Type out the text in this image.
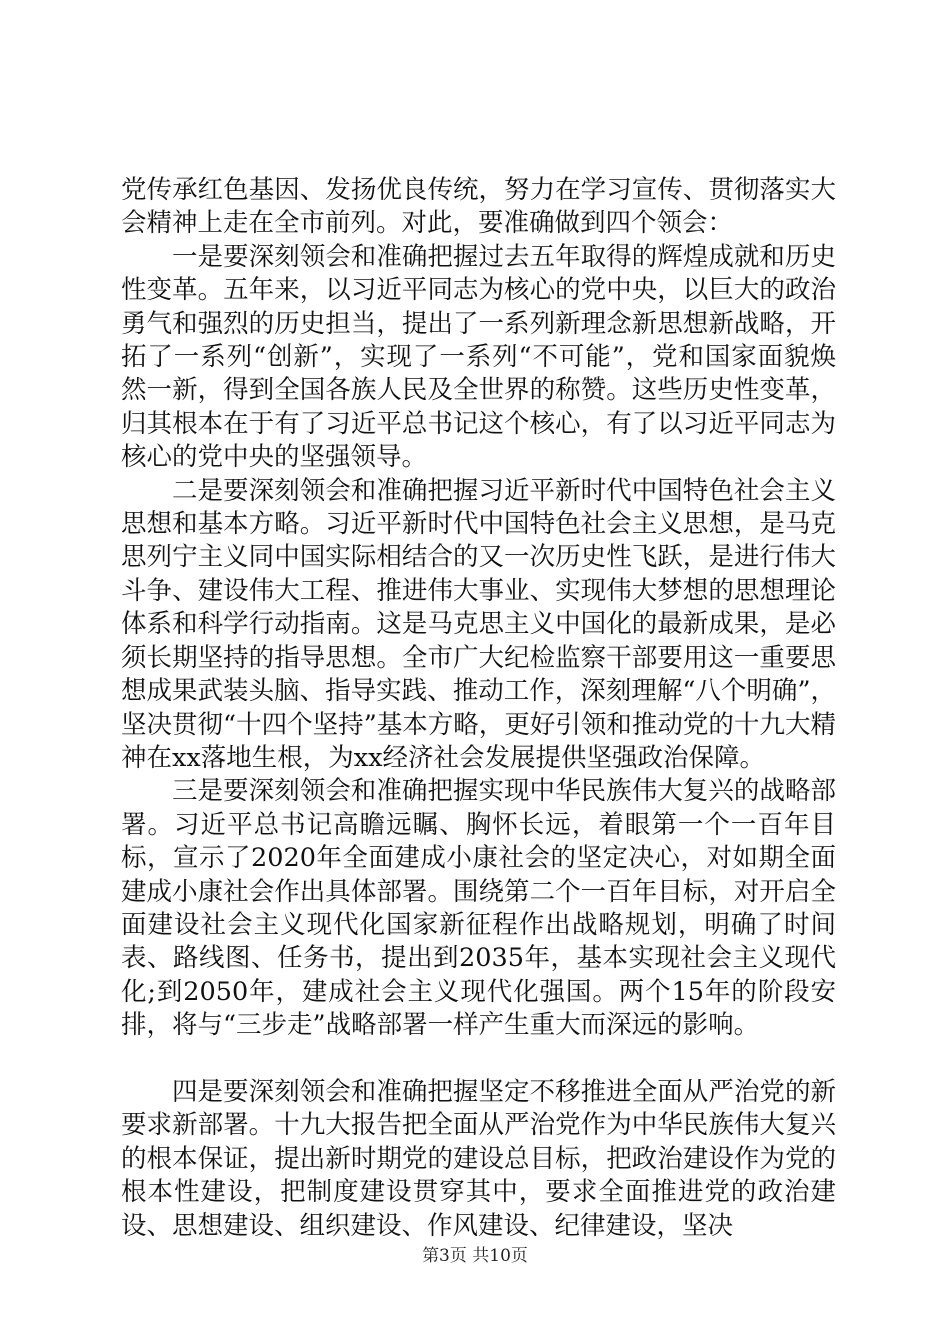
党传承红色基因、发扬优良传统，努力在学习宣传、贯彻落实大会精神上走在全市前列。对此，要准确做到四个领会：

一是要深刻领会和准确把握过去五年取得的辉煌成就和历史性变革。五年来，以习近平同志为核心的党中央，以巨大的政治勇气和强烈的历史担当，提出了一系列新理念新思想新战略，开拓了一系列“创新”，实现了一系列“不可能”，党和国家面貌焕然一新，得到全国各族人民及全世界的称赞。这些历史性变革，归其根本在于有了习近平总书记这个核心，有了以习近平同志为核心的党中央的坚强领导。

二是要深刻领会和准确把握习近平新时代中国特色社会主义思想和基本方略。习近平新时代中国特色社会主义思想，是马克思列宁主义同中国实际相结合的又一次历史性飞跃，是进行伟大斗争、建设伟大工程、推进伟大事业、实现伟大梦想的思想理论体系和科学行动指南。这是马克思主义中国化的最新成果，是必须长期坚持的指导思想。全市广大纪检监察干部要用这一重要思想成果武装头脑、指导实践、推动工作，深刻理解“八个明确”，坚决贯彻“十四个坚持”基本方略，更好引领和推动党的十九大精神在xx落地生根，为xx经济社会发展提供坚强政治保障。

三是要深刻领会和准确把握实现中华民族伟大复兴的战略部署。习近平总书记高瞻远瞩、胸怀长远，着眼第一个一百年目标，宣示了2020年全面建成小康社会的坚定决心，对如期全面建成小康社会作出具体部署。围绕第二个一百年目标，对开启全面建设社会主义现代化国家新征程作出战略规划，明确了时间表、路线图、任务书，提出到2035年，基本实现社会主义现代化;到2050年，建成社会主义现代化强国。两个15年的阶段安排，将与“三步走”战略部署一样产生重大而深远的影响。

四是要深刻领会和准确把握坚定不移推进全面从严治党的新要求新部署。十九大报告把全面从严治党作为中华民族伟大复兴的根本保证，提出新时期党的建设总目标，把政治建设作为党的根本性建设，把制度建设贯穿其中，要求全面推进党的政治建设、思想建设、组织建设、作风建设、纪律建设，坚决

第3页 共10页
